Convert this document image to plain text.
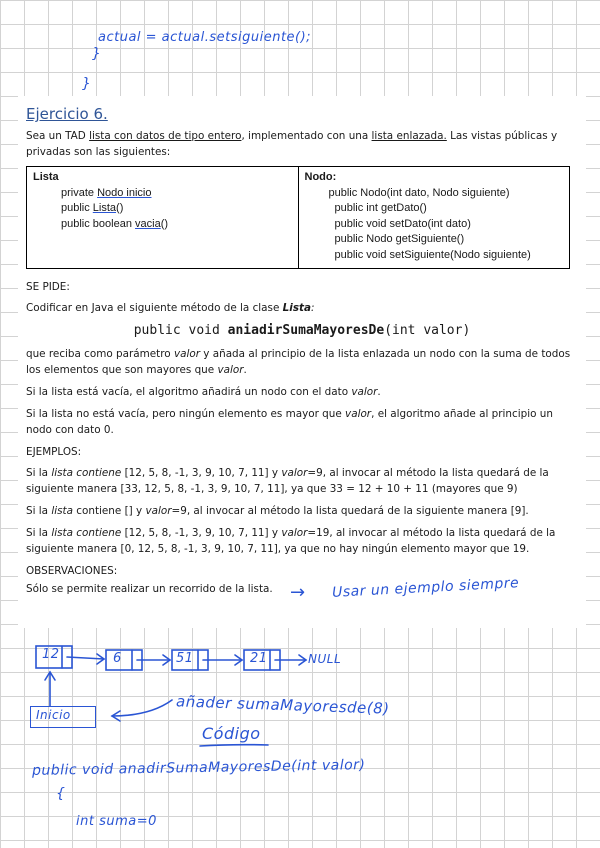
actual = actual.setsiguiente();
}
}
Ejercicio 6.

Sea un TAD lista con datos de tipo entero, implementado con una lista enlazada. Las vistas públicas y privadas son las siguientes:

Lista
private Nodo inicio
public Lista()
public boolean vacia()

Nodo:
public Nodo(int dato, Nodo siguiente)
public int getDato()
public void setDato(int dato)
public Nodo getSiguiente()
public void setSiguiente(Nodo siguiente)
SE PIDE:

Codificar en Java el siguiente método de la clase Lista:

public void aniadirSumaMayoresDe(int valor)

que reciba como parámetro valor y añada al principio de la lista enlazada un nodo con la suma de todos los elementos que son mayores que valor.

Si la lista está vacía, el algoritmo añadirá un nodo con el dato valor.

Si la lista no está vacía, pero ningún elemento es mayor que valor, el algoritmo añade al principio un nodo con dato 0.

EJEMPLOS:

Si la lista contiene [12, 5, 8, -1, 3, 9, 10, 7, 11] y valor=9, al invocar al método la lista quedará de la siguiente manera [33, 12, 5, 8, -1, 3, 9, 10, 7, 11], ya que 33 = 12 + 10 + 11 (mayores que 9)

Si la lista contiene [] y valor=9, al invocar al método la lista quedará de la siguiente manera [9].

Si la lista contiene [12, 5, 8, -1, 3, 9, 10, 7, 11] y valor=19, al invocar al método la lista quedará de la siguiente manera [0, 12, 5, 8, -1, 3, 9, 10, 7, 11], ya que no hay ningún elemento mayor que 19.

OBSERVACIONES:

Sólo se permite realizar un recorrido de la lista. → Usar un ejemplo siempre
12	6	51	21	NULL
Inicio	añader sumaMayoresde(8)
Código
public void anadirSumaMayoresDe(int valor)
{
int suma=0
